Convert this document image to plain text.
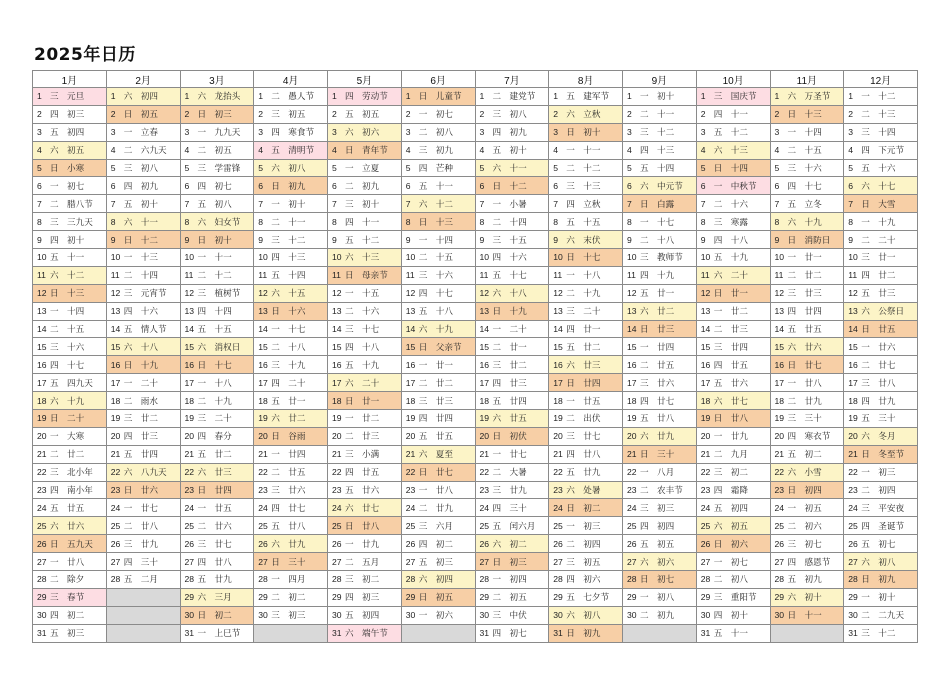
2025年日历
1月	2月	3月	4月	5月	6月	7月	8月	9月	10月	11月	12月

1 三 元旦	1 六 初四	1 六 龙抬头	1 二 愚人节	1 四 劳动节	1 日 儿童节	1 二 建党节	1 五 建军节	1 一 初十	1 三 国庆节	1 六 万圣节	1 一 十二

2 四 初三	2 日 初五	2 日 初三	2 三 初五	2 五 初五	2 一 初七	2 三 初八	2 六 立秋	2 二 十一	2 四 十一	2 日 十三	2 二 十三

3 五 初四	3 一 立春	3 一 九九天	3 四 寒食节	3 六 初六	3 二 初八	3 四 初九	3 日 初十	3 三 十二	3 五 十二	3 一 十四	3 三 十四

4 六 初五	4 二 六九天	4 二 初五	4 五 清明节	4 日 青年节	4 三 初九	4 五 初十	4 一 十一	4 四 十三	4 六 十三	4 二 十五	4 四 下元节

5 日 小寒	5 三 初八	5 三 学雷锋	5 六 初八	5 一 立夏	5 四 芒种	5 六 十一	5 二 十二	5 五 十四	5 日 十四	5 三 十六	5 五 十六

6 一 初七	6 四 初九	6 四 初七	6 日 初九	6 二 初九	6 五 十一	6 日 十二	6 三 十三	6 六 中元节	6 一 中秋节	6 四 十七	6 六 十七

7 二 腊八节	7 五 初十	7 五 初八	7 一 初十	7 三 初十	7 六 十二	7 一 小暑	7 四 立秋	7 日 白露	7 二 十六	7 五 立冬	7 日 大雪

8 三 三九天	8 六 十一	8 六 妇女节	8 二 十一	8 四 十一	8 日 十三	8 二 十四	8 五 十五	8 一 十七	8 三 寒露	8 六 十九	8 一 十九

9 四 初十	9 日 十二	9 日 初十	9 三 十二	9 五 十二	9 一 十四	9 三 十五	9 六 末伏	9 二 十八	9 四 十八	9 日 消防日	9 二 二十

10 五 十一	10 一 十三	10 一 十一	10 四 十三	10 六 十三	10 二 十五	10 四 十六	10 日 十七	10 三 教师节	10 五 十九	10 一 廿一	10 三 廿一

11 六 十二	11 二 十四	11 二 十二	11 五 十四	11 日 母亲节	11 三 十六	11 五 十七	11 一 十八	11 四 十九	11 六 二十	11 二 廿二	11 四 廿二

12 日 十三	12 三 元宵节	12 三 植树节	12 六 十五	12 一 十五	12 四 十七	12 六 十八	12 二 十九	12 五 廿一	12 日 廿一	12 三 廿三	12 五 廿三

13 一 十四	13 四 十六	13 四 十四	13 日 十六	13 二 十六	13 五 十八	13 日 十九	13 三 二十	13 六 廿二	13 一 廿二	13 四 廿四	13 六 公祭日

14 二 十五	14 五 情人节	14 五 十五	14 一 十七	14 三 十七	14 六 十九	14 一 二十	14 四 廿一	14 日 廿三	14 二 廿三	14 五 廿五	14 日 廿五

15 三 十六	15 六 十八	15 六 消权日	15 二 十八	15 四 十八	15 日 父亲节	15 二 廿一	15 五 廿二	15 一 廿四	15 三 廿四	15 六 廿六	15 一 廿六

16 四 十七	16 日 十九	16 日 十七	16 三 十九	16 五 十九	16 一 廿一	16 三 廿二	16 六 廿三	16 二 廿五	16 四 廿五	16 日 廿七	16 二 廿七

17 五 四九天	17 一 二十	17 一 十八	17 四 二十	17 六 二十	17 二 廿二	17 四 廿三	17 日 廿四	17 三 廿六	17 五 廿六	17 一 廿八	17 三 廿八

18 六 十九	18 二 雨水	18 二 十九	18 五 廿一	18 日 廿一	18 三 廿三	18 五 廿四	18 一 廿五	18 四 廿七	18 六 廿七	18 二 廿九	18 四 廿九

19 日 二十	19 三 廿二	19 三 二十	19 六 廿二	19 一 廿二	19 四 廿四	19 六 廿五	19 二 出伏	19 五 廿八	19 日 廿八	19 三 三十	19 五 三十

20 一 大寒	20 四 廿三	20 四 春分	20 日 谷雨	20 二 廿三	20 五 廿五	20 日 初伏	20 三 廿七	20 六 廿九	20 一 廿九	20 四 寒衣节	20 六 冬月

21 二 廿二	21 五 廿四	21 五 廿二	21 一 廿四	21 三 小满	21 六 夏至	21 一 廿七	21 四 廿八	21 日 三十	21 二 九月	21 五 初二	21 日 冬至节

22 三 北小年	22 六 八九天	22 六 廿三	22 二 廿五	22 四 廿五	22 日 廿七	22 二 大暑	22 五 廿九	22 一 八月	22 三 初二	22 六 小雪	22 一 初三

23 四 南小年	23 日 廿六	23 日 廿四	23 三 廿六	23 五 廿六	23 一 廿八	23 三 廿九	23 六 处暑	23 二 农丰节	23 四 霜降	23 日 初四	23 二 初四

24 五 廿五	24 一 廿七	24 一 廿五	24 四 廿七	24 六 廿七	24 二 廿九	24 四 三十	24 日 初二	24 三 初三	24 五 初四	24 一 初五	24 三 平安夜

25 六 廿六	25 二 廿八	25 二 廿六	25 五 廿八	25 日 廿八	25 三 六月	25 五 闰六月	25 一 初三	25 四 初四	25 六 初五	25 二 初六	25 四 圣诞节

26 日 五九天	26 三 廿九	26 三 廿七	26 六 廿九	26 一 廿九	26 四 初二	26 六 初二	26 二 初四	26 五 初五	26 日 初六	26 三 初七	26 五 初七

27 一 廿八	27 四 三十	27 四 廿八	27 日 三十	27 二 五月	27 五 初三	27 日 初三	27 三 初五	27 六 初六	27 一 初七	27 四 感恩节	27 六 初八

28 二 除夕	28 五 二月	28 五 廿九	28 一 四月	28 三 初二	28 六 初四	28 一 初四	28 四 初六	28 日 初七	28 二 初八	28 五 初九	28 日 初九

29 三 春节		29 六 三月	29 二 初二	29 四 初三	29 日 初五	29 二 初五	29 五 七夕节	29 一 初八	29 三 重阳节	29 六 初十	29 一 初十

30 四 初二		30 日 初二	30 三 初三	30 五 初四	30 一 初六	30 三 中伏	30 六 初八	30 二 初九	30 四 初十	30 日 十一	30 二 二九天

31 五 初三		31 一 上巳节		31 六 端午节		31 四 初七	31 日 初九		31 五 十一		31 三 十二
